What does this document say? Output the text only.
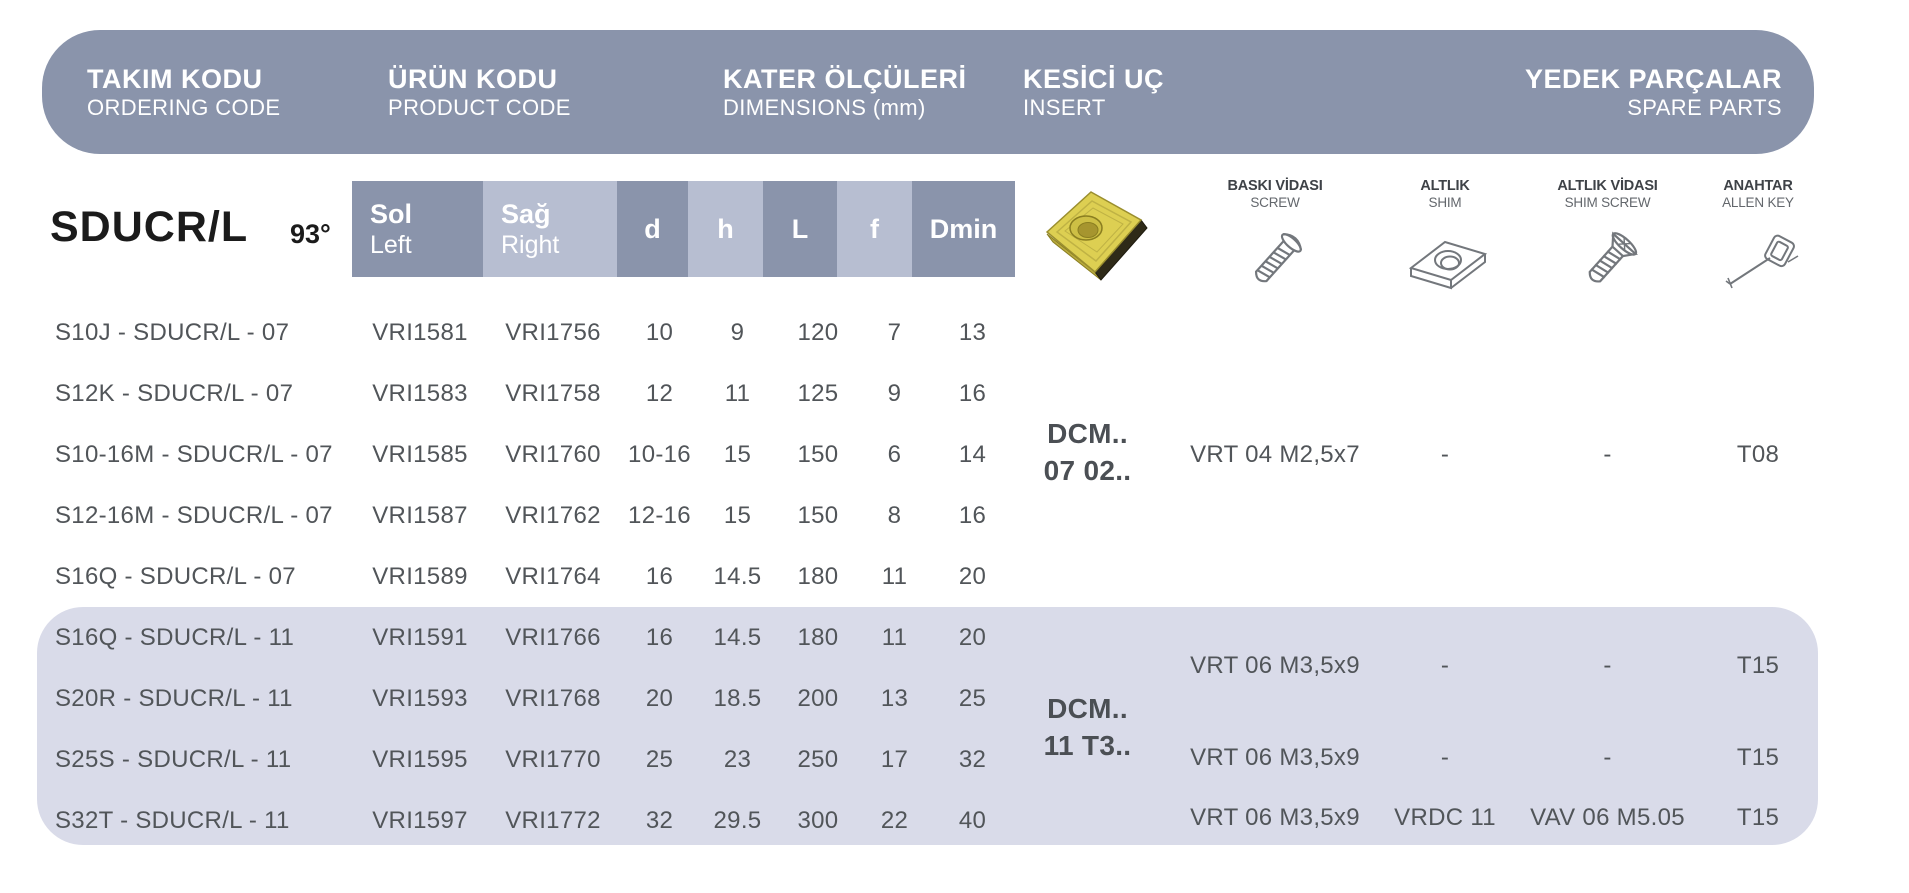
TAKIM KODU
ORDERING CODE
ÜRÜN KODU
PRODUCT CODE
KATER ÖLÇÜLERİ
DIMENSIONS (mm)
KESİCİ UÇ
INSERT
YEDEK PARÇALAR
SPARE PARTS
SDUCR/L 93°
Sol
Left
Sağ
Right
d	h	L	f	Dmin
BASKI VİDASI
SCREW
ALTLIK
SHIM
ALTLIK VİDASI
SHIM SCREW
ANAHTAR
ALLEN KEY
S10J - SDUCR/L - 07	VRI1581	VRI1756	10	9	120	7	13
S12K - SDUCR/L - 07	VRI1583	VRI1758	12	11	125	9	16
S10-16M - SDUCR/L - 07	VRI1585	VRI1760	10-16	15	150	6	14
S12-16M - SDUCR/L - 07	VRI1587	VRI1762	12-16	15	150	8	16
S16Q - SDUCR/L - 07	VRI1589	VRI1764	16	14.5	180	11	20
S16Q - SDUCR/L - 11	VRI1591	VRI1766	16	14.5	180	11	20
S20R - SDUCR/L - 11	VRI1593	VRI1768	20	18.5	200	13	25
S25S - SDUCR/L - 11	VRI1595	VRI1770	25	23	250	17	32
S32T - SDUCR/L - 11	VRI1597	VRI1772	32	29.5	300	22	40
DCM..
07 02..
DCM..
11 T3..
VRT 04 M2,5x7	-	-	T08
VRT 06 M3,5x9	-	-	T15
VRT 06 M3,5x9	-	-	T15
VRT 06 M3,5x9	VRDC 11	VAV 06 M5.05	T15
